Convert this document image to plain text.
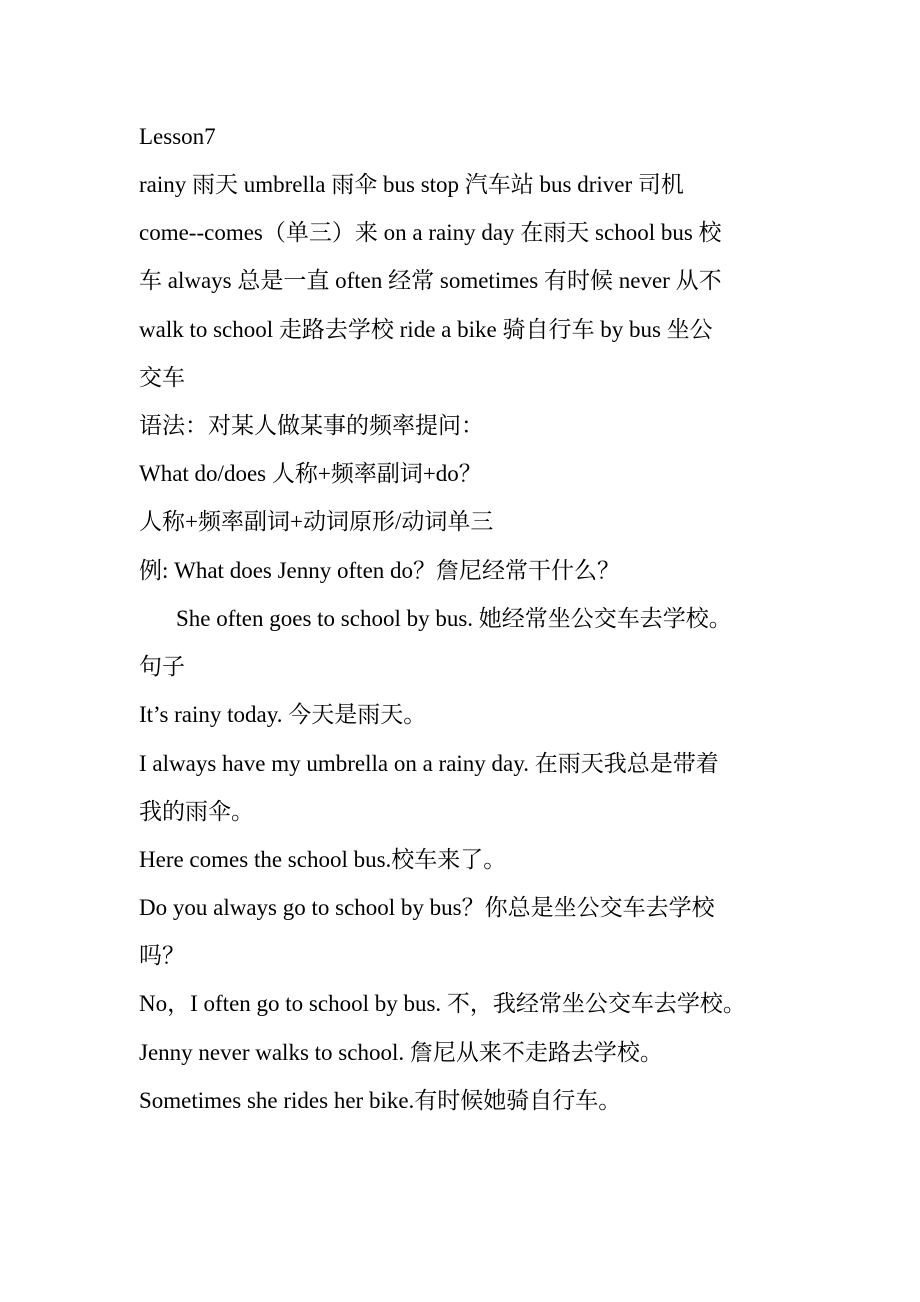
Lesson7
rainy 雨天 umbrella 雨伞 bus stop 汽车站 bus driver 司机
come--comes（单三）来 on a rainy day 在雨天 school bus 校
车 always 总是一直 often 经常 sometimes 有时候 never 从不
walk to school 走路去学校 ride a bike 骑自行车 by bus 坐公
交车
语法：对某人做某事的频率提问：
What do/does 人称+频率副词+do？
人称+频率副词+动词原形/动词单三
例: What does Jenny often do？詹尼经常干什么？
She often goes to school by bus. 她经常坐公交车去学校。
句子
It’s rainy today. 今天是雨天。
I always have my umbrella on a rainy day. 在雨天我总是带着
我的雨伞。
Here comes the school bus.校车来了。
Do you always go to school by bus？你总是坐公交车去学校
吗？
No，I often go to school by bus. 不，我经常坐公交车去学校。
Jenny never walks to school. 詹尼从来不走路去学校。
Sometimes she rides her bike.有时候她骑自行车。
